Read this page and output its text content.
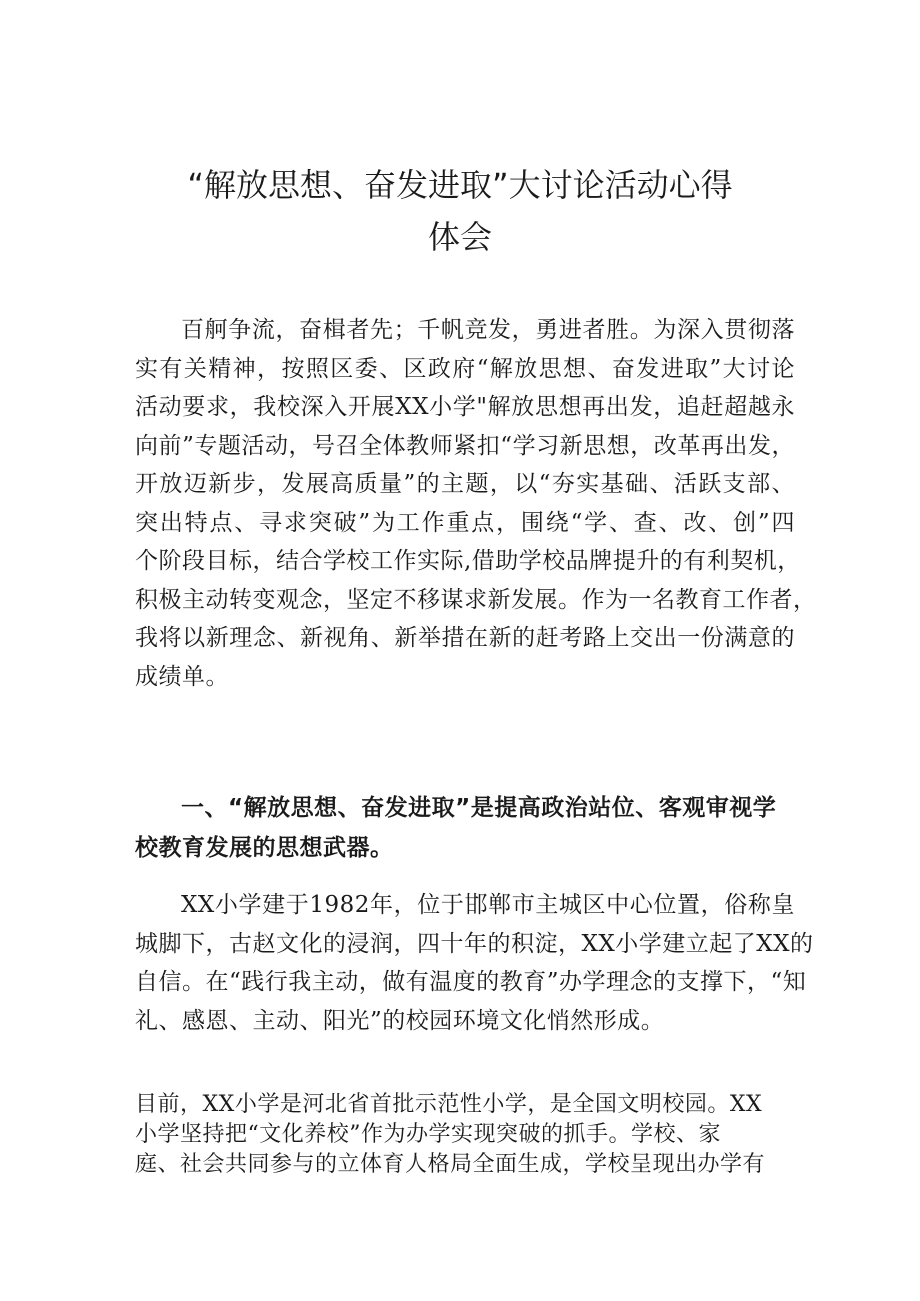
“解放思想、奋发进取”大讨论活动心得
体会

百舸争流，奋楫者先；千帆竞发，勇进者胜。为深入贯彻落
实有关精神，按照区委、区政府“解放思想、奋发进取”大讨论
活动要求，我校深入开展XX小学"解放思想再出发，追赶超越永
向前”专题活动，号召全体教师紧扣“学习新思想，改革再出发，
开放迈新步，发展高质量”的主题，以“夯实基础、活跃支部、
突出特点、寻求突破”为工作重点，围绕“学、查、改、创”四
个阶段目标，结合学校工作实际,借助学校品牌提升的有利契机，
积极主动转变观念，坚定不移谋求新发展。作为一名教育工作者，
我将以新理念、新视角、新举措在新的赶考路上交出一份满意的
成绩单。

一、“解放思想、奋发进取”是提高政治站位、客观审视学
校教育发展的思想武器。

XX小学建于1982年，位于邯郸市主城区中心位置，俗称皇
城脚下，古赵文化的浸润，四十年的积淀，XX小学建立起了XX的
自信。在“践行我主动，做有温度的教育”办学理念的支撑下，“知
礼、感恩、主动、阳光”的校园环境文化悄然形成。

目前，XX小学是河北省首批示范性小学，是全国文明校园。XX
小学坚持把“文化养校”作为办学实现突破的抓手。学校、家
庭、社会共同参与的立体育人格局全面生成，学校呈现出办学有
